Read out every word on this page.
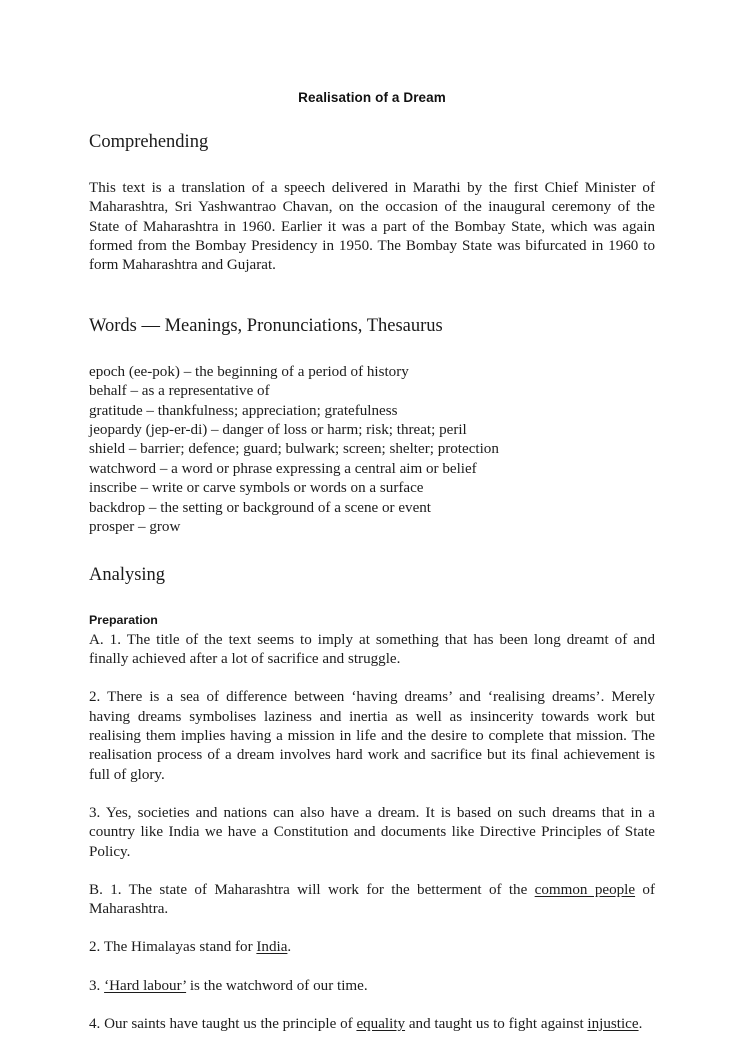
Realisation of a Dream
Comprehending

This text is a translation of a speech delivered in Marathi by the first Chief Minister of Maharashtra, Sri Yashwantrao Chavan, on the occasion of the inaugural ceremony of the State of Maharashtra in 1960. Earlier it was a part of the Bombay State, which was again formed from the Bombay Presidency in 1950. The Bombay State was bifurcated in 1960 to form Maharashtra and Gujarat.

Words — Meanings, Pronunciations, Thesaurus
epoch (ee-pok) – the beginning of a period of history
behalf – as a representative of
gratitude – thankfulness; appreciation; gratefulness
jeopardy (jep-er-di) – danger of loss or harm; risk; threat; peril
shield – barrier; defence; guard; bulwark; screen; shelter; protection
watchword – a word or phrase expressing a central aim or belief
inscribe – write or carve symbols or words on a surface
backdrop – the setting or background of a scene or event
prosper – grow
Analysing
Preparation

A. 1. The title of the text seems to imply at something that has been long dreamt of and finally achieved after a lot of sacrifice and struggle.

2. There is a sea of difference between ‘having dreams’ and ‘realising dreams’. Merely having dreams symbolises laziness and inertia as well as insincerity towards work but realising them implies having a mission in life and the desire to complete that mission. The realisation process of a dream involves hard work and sacrifice but its final achievement is full of glory.

3. Yes, societies and nations can also have a dream. It is based on such dreams that in a country like India we have a Constitution and documents like Directive Principles of State Policy.

B. 1. The state of Maharashtra will work for the betterment of the common people of Maharashtra.

2. The Himalayas stand for India.

3. ‘Hard labour’ is the watchword of our time.

4. Our saints have taught us the principle of equality and taught us to fight against injustice.
